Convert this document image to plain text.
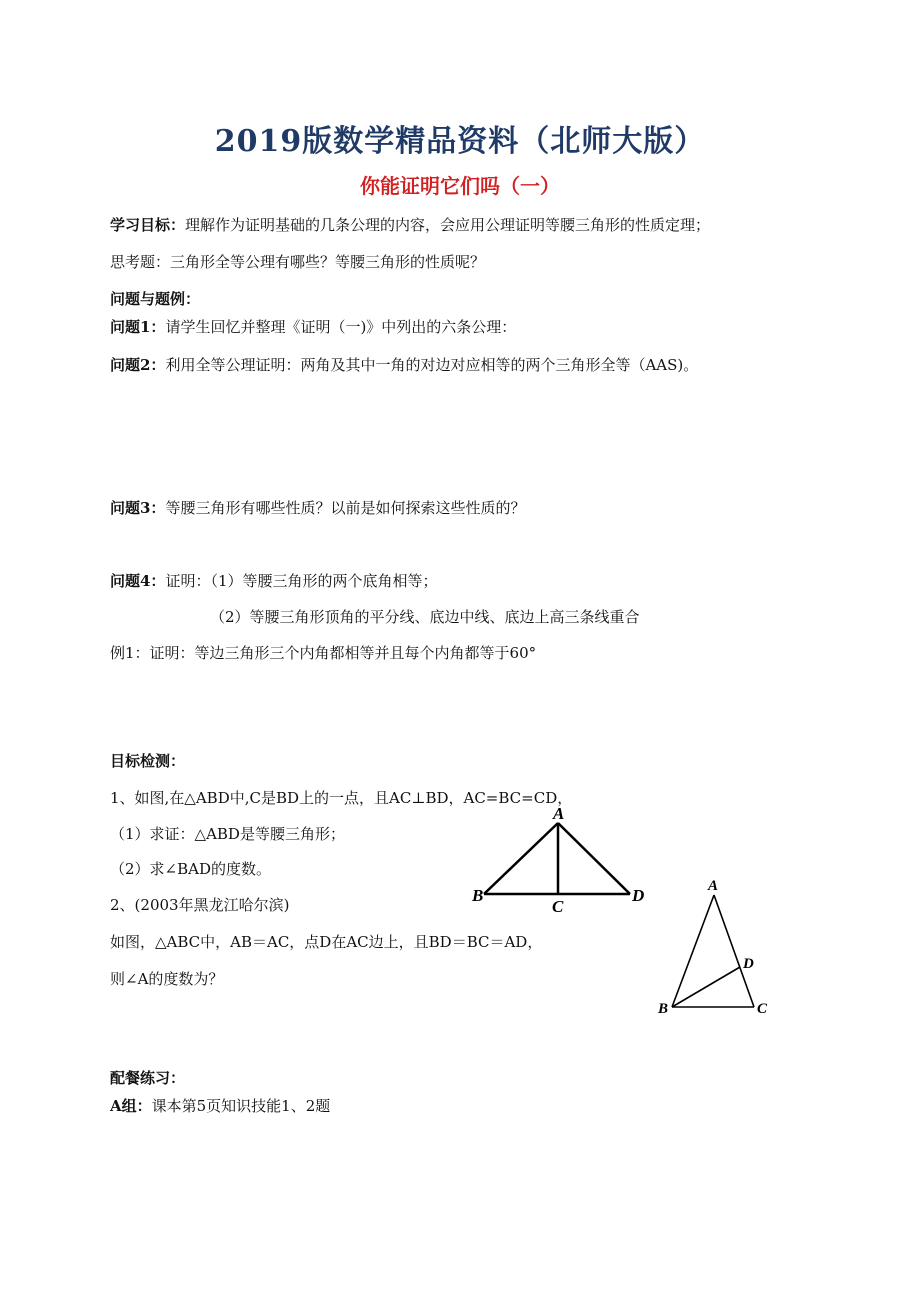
2019版数学精品资料（北师大版）
你能证明它们吗（一）
学习目标：理解作为证明基础的几条公理的内容，会应用公理证明等腰三角形的性质定理；
思考题：三角形全等公理有哪些？等腰三角形的性质呢？
问题与题例：
问题1：请学生回忆并整理《证明（一)》中列出的六条公理：
问题2：利用全等公理证明：两角及其中一角的对边对应相等的两个三角形全等（AAS)。
问题3：等腰三角形有哪些性质？以前是如何探索这些性质的？
问题4：证明：（1）等腰三角形的两个底角相等；
（2）等腰三角形顶角的平分线、底边中线、底边上高三条线重合
例1：证明：等边三角形三个内角都相等并且每个内角都等于60°
目标检测：
1、如图,在△ABD中,C是BD上的一点，且AC⊥BD，AC=BC=CD，
（1）求证：△ABD是等腰三角形；
（2）求∠BAD的度数。
2、(2003年黑龙江哈尔滨)
如图，△ABC中，AB＝AC，点D在AC边上，且BD＝BC＝AD，
则∠A的度数为？
A
B
C
D	A
B	C
D
配餐练习：
A组：课本第5页知识技能1、2题
